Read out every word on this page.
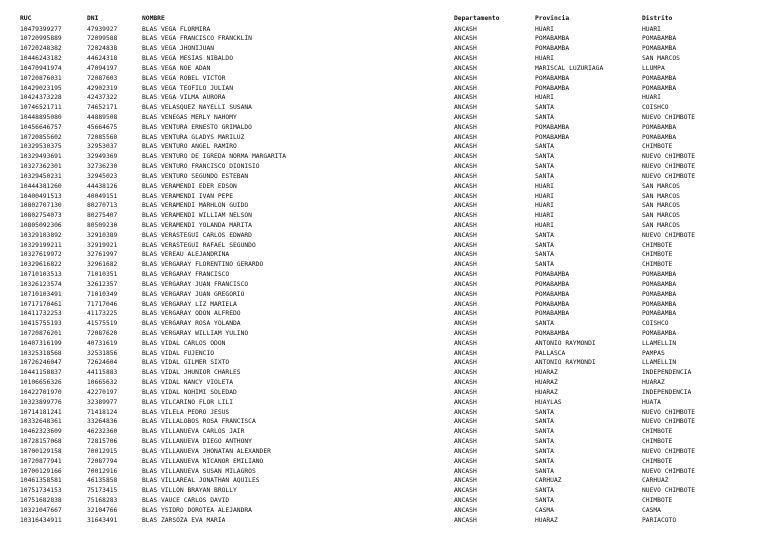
RUC	DNI	NOMBRE	Departamento	Provincia	Distrito
10479399277	47939927	BLAS VEGA FLORMIRA	ANCASH	HUARI	HUARI
10720995889	72099588	BLAS VEGA FRANCISCO FRANCKLIN	ANCASH	POMABAMBA	POMABAMBA
10720248382	72024838	BLAS VEGA JHONIJUAN	ANCASH	POMABAMBA	POMABAMBA
10446243182	44624318	BLAS VEGA MESIAS NIBALDO	ANCASH	HUARI	SAN MARCOS
10470941974	47094197	BLAS VEGA NOE ADAN	ANCASH	MARISCAL LUZURIAGA	LLUMPA
10720876031	72087603	BLAS VEGA ROBEL VICTOR	ANCASH	POMABAMBA	POMABAMBA
10429023195	42902319	BLAS VEGA TEOFILO JULIAN	ANCASH	POMABAMBA	POMABAMBA
10424373228	42437322	BLAS VEGA VILMA AURORA	ANCASH	HUARI	HUARI
10746521711	74652171	BLAS VELASQUEZ NAYELLI SUSANA	ANCASH	SANTA	COISHCO
10448895080	44889508	BLAS VENEGAS MERLY NAHOMY	ANCASH	SANTA	NUEVO CHIMBOTE
10456646757	45664675	BLAS VENTURA ERNESTO GRIMALDO	ANCASH	POMABAMBA	POMABAMBA
10720855602	72085560	BLAS VENTURA GLADYS MARILUZ	ANCASH	POMABAMBA	POMABAMBA
10329530375	32953037	BLAS VENTURO ANGEL RAMIRO	ANCASH	SANTA	CHIMBOTE
10329493691	32949369	BLAS VENTURO DE IGREDA NORMA MARGARITA	ANCASH	SANTA	NUEVO CHIMBOTE
10327362301	32736230	BLAS VENTURO FRANCISCO DIONISIO	ANCASH	SANTA	NUEVO CHIMBOTE
10329450231	32945023	BLAS VENTURO SEGUNDO ESTEBAN	ANCASH	SANTA	NUEVO CHIMBOTE
10444381260	44438126	BLAS VERAMENDI EDER EDSON	ANCASH	HUARI	SAN MARCOS
10400491513	40049151	BLAS VERAMENDI IVAN PEPE	ANCASH	HUARI	SAN MARCOS
10802707130	80270713	BLAS VERAMENDI MARHLON GUIDO	ANCASH	HUARI	SAN MARCOS
10802754073	80275407	BLAS VERAMENDI WILLIAM NELSON	ANCASH	HUARI	SAN MARCOS
10805092306	80509230	BLAS VERAMENDI YOLANDA MARITA	ANCASH	HUARI	SAN MARCOS
10329103892	32910389	BLAS VERASTEGUI CARLOS EDWARD	ANCASH	SANTA	NUEVO CHIMBOTE
10329199211	32919921	BLAS VERASTEGUI RAFAEL SEGUNDO	ANCASH	SANTA	CHIMBOTE
10327619972	32761997	BLAS VEREAU ALEJANDRINA	ANCASH	SANTA	CHIMBOTE
10329616822	32961682	BLAS VERGARAY FLORENTINO GERARDO	ANCASH	SANTA	CHIMBOTE
10710103513	71010351	BLAS VERGARAY FRANCISCO	ANCASH	POMABAMBA	POMABAMBA
10326123574	32612357	BLAS VERGARAY JUAN FRANCISCO	ANCASH	POMABAMBA	POMABAMBA
10710103491	71010349	BLAS VERGARAY JUAN GREGORIO	ANCASH	POMABAMBA	POMABAMBA
10717170461	71717046	BLAS VERGARAY LIZ MARIELA	ANCASH	POMABAMBA	POMABAMBA
10411732253	41173225	BLAS VERGARAY ODON ALFREDO	ANCASH	POMABAMBA	POMABAMBA
10415755193	41575519	BLAS VERGARAY ROSA YOLANDA	ANCASH	SANTA	COISHCO
10720876201	72087620	BLAS VERGARAY WILLIAM YULINO	ANCASH	POMABAMBA	POMABAMBA
10407316199	40731619	BLAS VIDAL CARLOS ODON	ANCASH	ANTONIO RAYMONDI	LLAMELLIN
10325318568	32531856	BLAS VIDAL FUJENCIO	ANCASH	PALLASCA	PAMPAS
10726246047	72624604	BLAS VIDAL GILMER SIXTO	ANCASH	ANTONIO RAYMONDI	LLAMELLIN
10441158837	44115883	BLAS VIDAL JHUNIOR CHARLES	ANCASH	HUARAZ	INDEPENDENCIA
10106656326	10665632	BLAS VIDAL NANCY VIOLETA	ANCASH	HUARAZ	HUARAZ
10422701970	42270197	BLAS VIDAL NOHIMI SOLEDAD	ANCASH	HUARAZ	INDEPENDENCIA
10323899776	32389977	BLAS VILCARINO FLOR LILI	ANCASH	HUAYLAS	HUATA
10714181241	71418124	BLAS VILELA PEDRO JESUS	ANCASH	SANTA	NUEVO CHIMBOTE
10332648361	33264836	BLAS VILLALOBOS ROSA FRANCISCA	ANCASH	SANTA	NUEVO CHIMBOTE
10462323609	46232360	BLAS VILLANUEVA CARLOS JAIR	ANCASH	SANTA	CHIMBOTE
10728157068	72815706	BLAS VILLANUEVA DIEGO ANTHONY	ANCASH	SANTA	CHIMBOTE
10700129158	70012915	BLAS VILLANUEVA JHONATAN ALEXANDER	ANCASH	SANTA	NUEVO CHIMBOTE
10720877941	72087794	BLAS VILLANUEVA NICANOR EMILIANO	ANCASH	SANTA	CHIMBOTE
10700129166	70012916	BLAS VILLANUEVA SUSAN MILAGROS	ANCASH	SANTA	NUEVO CHIMBOTE
10461358581	46135858	BLAS VILLAREAL JONATHAN AQUILES	ANCASH	CARHUAZ	CARHUAZ
10751734153	75173415	BLAS VILLON BRAYAN BROLLY	ANCASH	SANTA	NUEVO CHIMBOTE
10751682838	75168283	BLAS VAUCE CARLOS DAVID	ANCASH	SANTA	CHIMBOTE
10321047667	32104766	BLAS YSIDRO DOROTEA ALEJANDRA	ANCASH	CASMA	CASMA
10316434911	31643491	BLAS ZARSOZA EVA MARIA	ANCASH	HUARAZ	PARIACOTO
